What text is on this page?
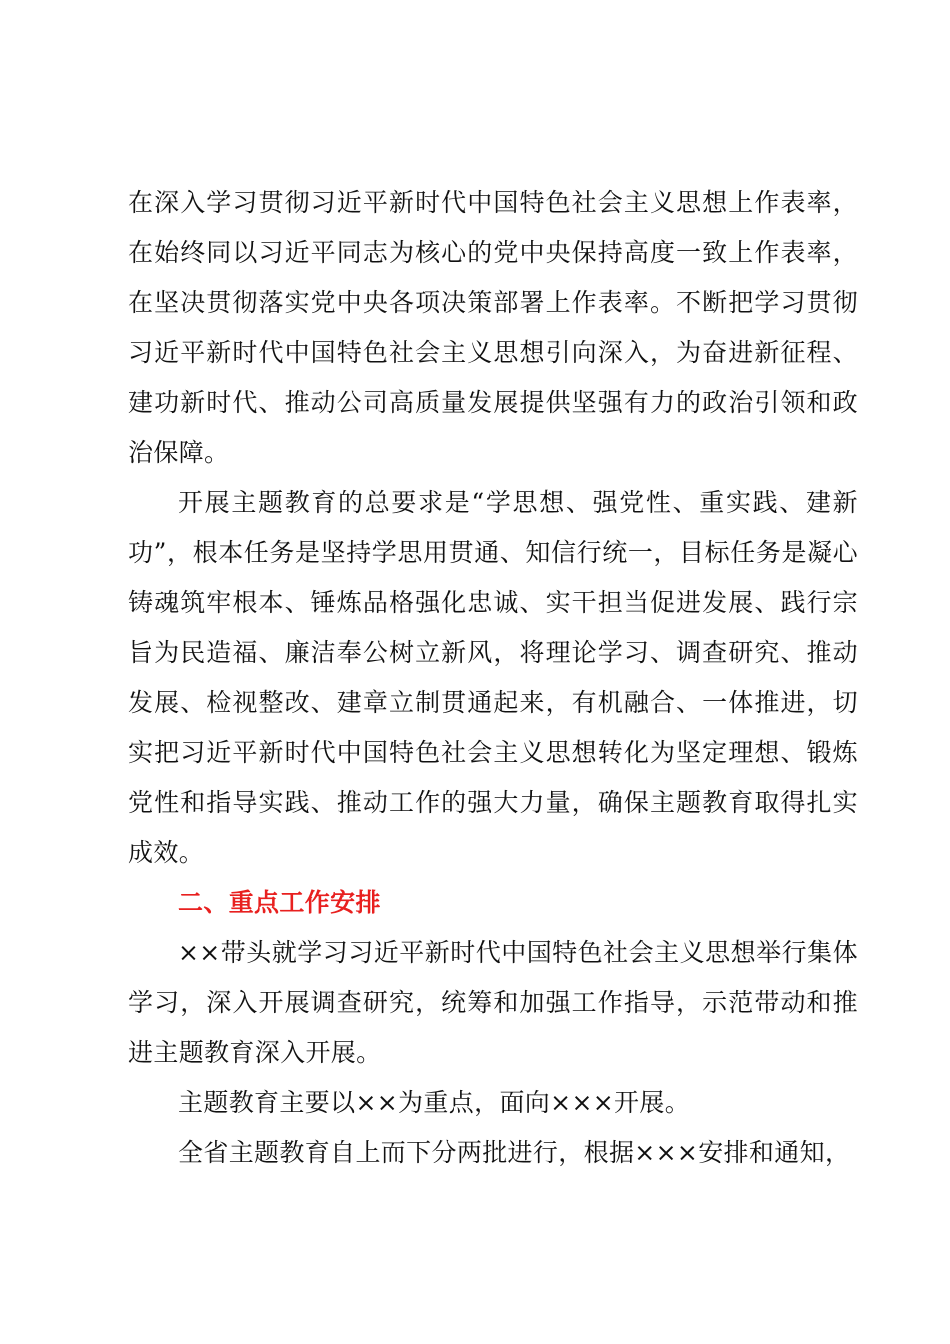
在深入学习贯彻习近平新时代中国特色社会主义思想上作表率，在始终同以习近平同志为核心的党中央保持高度一致上作表率，在坚决贯彻落实党中央各项决策部署上作表率。不断把学习贯彻习近平新时代中国特色社会主义思想引向深入，为奋进新征程、建功新时代、推动公司高质量发展提供坚强有力的政治引领和政治保障。

开展主题教育的总要求是“学思想、强党性、重实践、建新功”，根本任务是坚持学思用贯通、知信行统一，目标任务是凝心铸魂筑牢根本、锤炼品格强化忠诚、实干担当促进发展、践行宗旨为民造福、廉洁奉公树立新风，将理论学习、调查研究、推动发展、检视整改、建章立制贯通起来，有机融合、一体推进，切实把习近平新时代中国特色社会主义思想转化为坚定理想、锻炼党性和指导实践、推动工作的强大力量，确保主题教育取得扎实成效。

二、重点工作安排

××带头就学习习近平新时代中国特色社会主义思想举行集体学习，深入开展调查研究，统筹和加强工作指导，示范带动和推进主题教育深入开展。

主题教育主要以××为重点，面向×××开展。

全省主题教育自上而下分两批进行，根据×××安排和通知，
